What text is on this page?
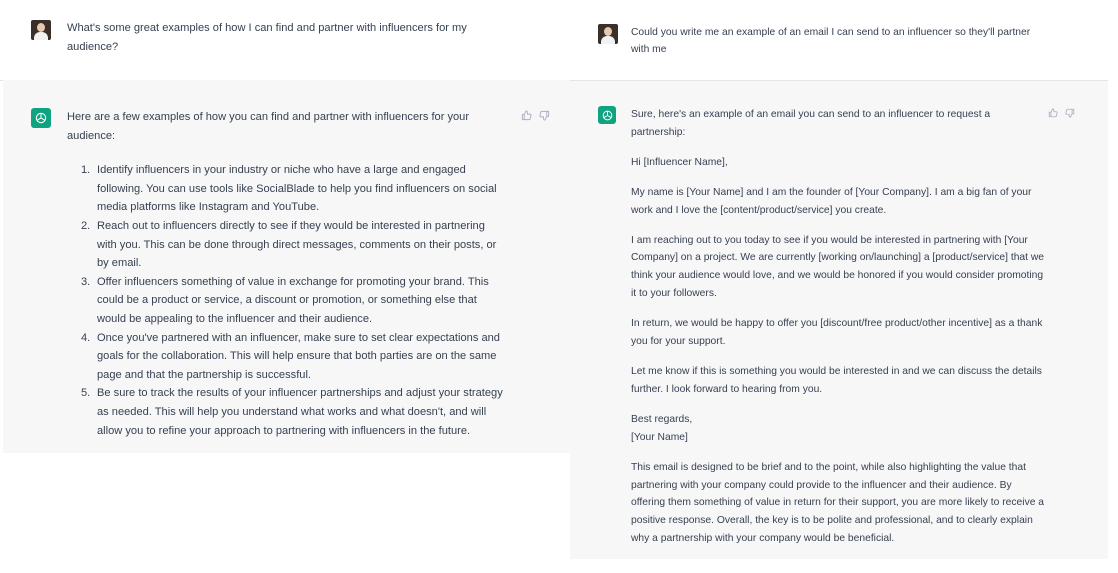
What's some great examples of how I can find and partner with influencers for my audience?
Here are a few examples of how you can find and partner with influencers for your audience:
1. Identify influencers in your industry or niche who have a large and engaged following. You can use tools like SocialBlade to help you find influencers on social media platforms like Instagram and YouTube.
2. Reach out to influencers directly to see if they would be interested in partnering with you. This can be done through direct messages, comments on their posts, or by email.
3. Offer influencers something of value in exchange for promoting your brand. This could be a product or service, a discount or promotion, or something else that would be appealing to the influencer and their audience.
4. Once you've partnered with an influencer, make sure to set clear expectations and goals for the collaboration. This will help ensure that both parties are on the same page and that the partnership is successful.
5. Be sure to track the results of your influencer partnerships and adjust your strategy as needed. This will help you understand what works and what doesn't, and will allow you to refine your approach to partnering with influencers in the future.
Could you write me an example of an email I can send to an influencer so they'll partner with me
Sure, here's an example of an email you can send to an influencer to request a partnership:
Hi [Influencer Name],
My name is [Your Name] and I am the founder of [Your Company]. I am a big fan of your work and I love the [content/product/service] you create.
I am reaching out to you today to see if you would be interested in partnering with [Your Company] on a project. We are currently [working on/launching] a [product/service] that we think your audience would love, and we would be honored if you would consider promoting it to your followers.
In return, we would be happy to offer you [discount/free product/other incentive] as a thank you for your support.
Let me know if this is something you would be interested in and we can discuss the details further. I look forward to hearing from you.
Best regards,
[Your Name]
This email is designed to be brief and to the point, while also highlighting the value that partnering with your company could provide to the influencer and their audience. By offering them something of value in return for their support, you are more likely to receive a positive response. Overall, the key is to be polite and professional, and to clearly explain why a partnership with your company would be beneficial.
